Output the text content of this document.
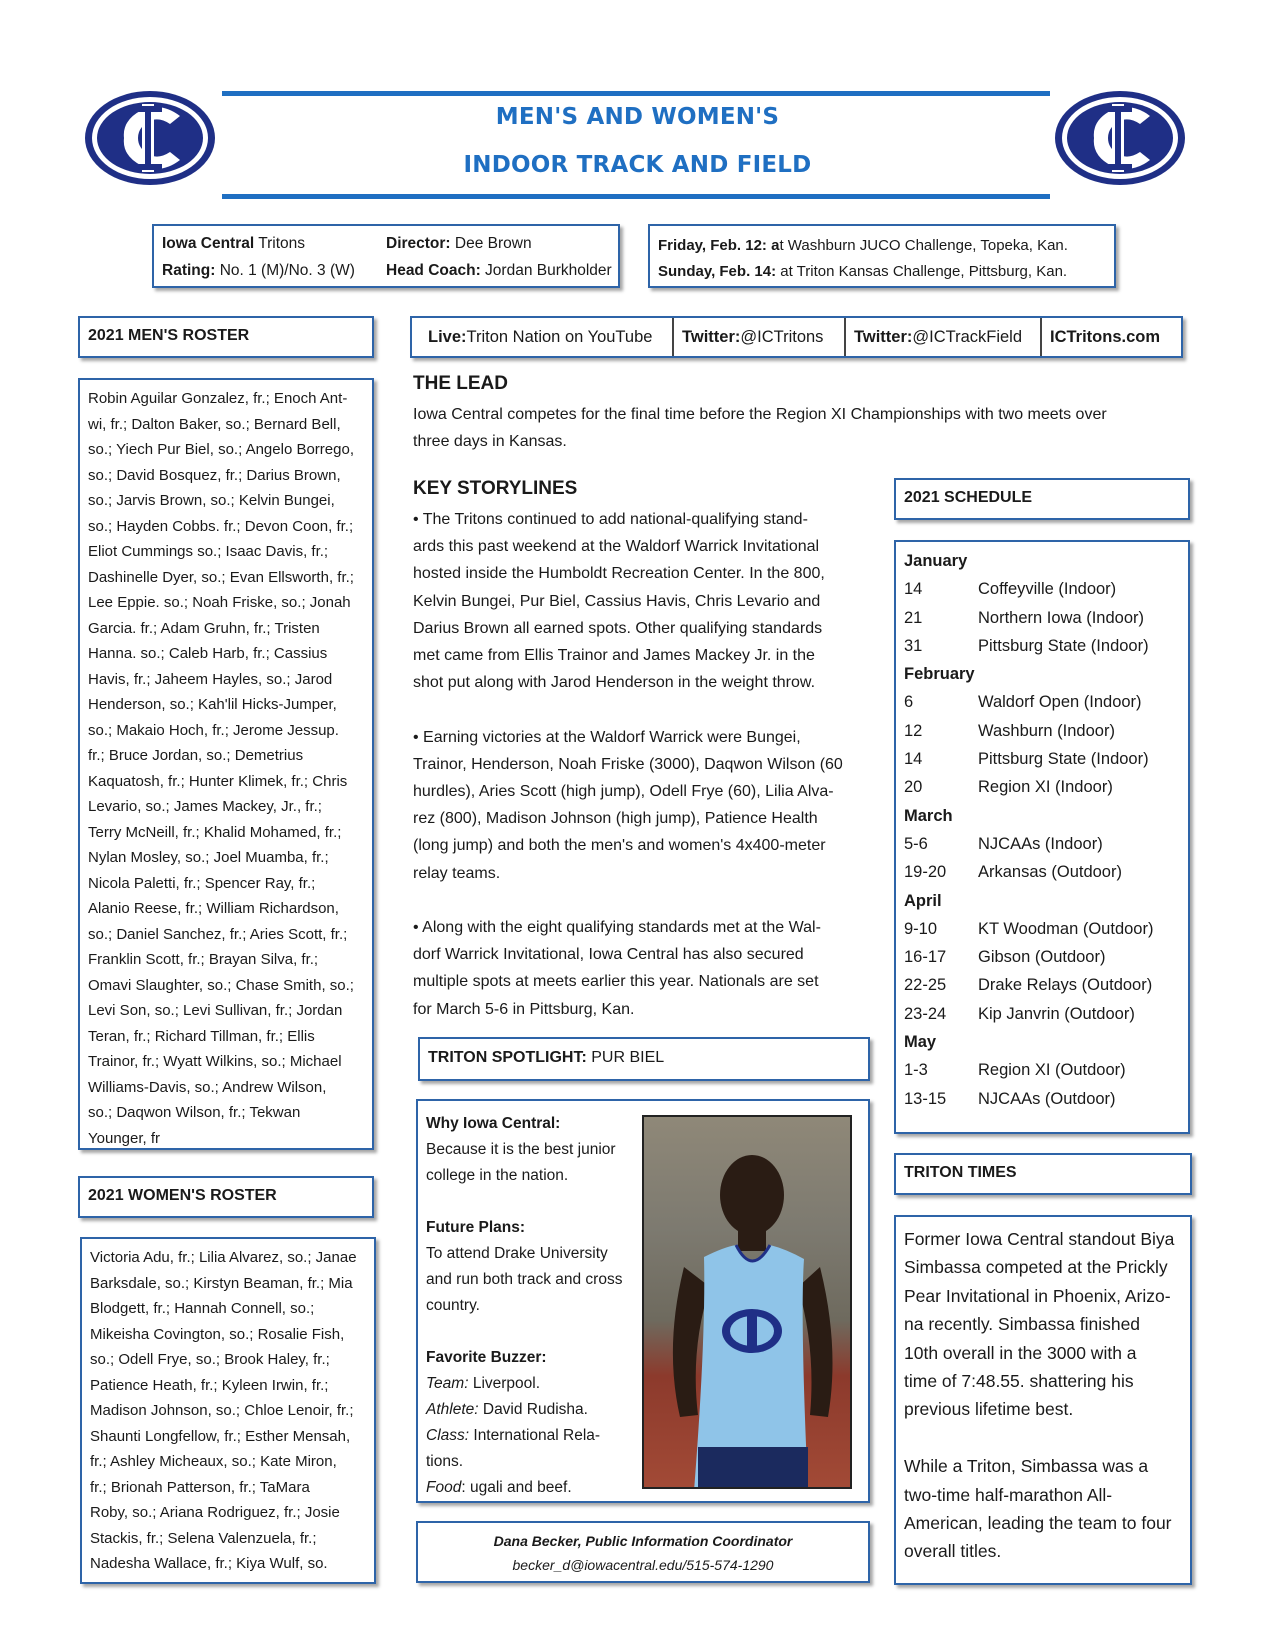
MEN'S AND WOMEN'S
INDOOR TRACK AND FIELD
Iowa Central Tritons
Rating: No. 1 (M)/No. 3 (W)
Director: Dee Brown
Head Coach: Jordan Burkholder
Friday, Feb. 12: at Washburn JUCO Challenge, Topeka, Kan.
Sunday, Feb. 14: at Triton Kansas Challenge, Pittsburg, Kan.
Live: Triton Nation on YouTube Twitter: @ICTritons Twitter: @ICTrackField ICTritons.com
2021 MEN'S ROSTER
Robin Aguilar Gonzalez, fr.; Enoch Ant-
wi, fr.; Dalton Baker, so.; Bernard Bell,
so.; Yiech Pur Biel, so.; Angelo Borrego,
so.; David Bosquez, fr.; Darius Brown,
so.; Jarvis Brown, so.; Kelvin Bungei,
so.; Hayden Cobbs. fr.; Devon Coon, fr.;
Eliot Cummings so.; Isaac Davis, fr.;
Dashinelle Dyer, so.; Evan Ellsworth, fr.;
Lee Eppie. so.; Noah Friske, so.; Jonah
Garcia. fr.; Adam Gruhn, fr.; Tristen
Hanna. so.; Caleb Harb, fr.; Cassius
Havis, fr.; Jaheem Hayles, so.; Jarod
Henderson, so.; Kah'lil Hicks-Jumper,
so.; Makaio Hoch, fr.; Jerome Jessup.
fr.; Bruce Jordan, so.; Demetrius
Kaquatosh, fr.; Hunter Klimek, fr.; Chris
Levario, so.; James Mackey, Jr., fr.;
Terry McNeill, fr.; Khalid Mohamed, fr.;
Nylan Mosley, so.; Joel Muamba, fr.;
Nicola Paletti, fr.; Spencer Ray, fr.;
Alanio Reese, fr.; William Richardson,
so.; Daniel Sanchez, fr.; Aries Scott, fr.;
Franklin Scott, fr.; Brayan Silva, fr.;
Omavi Slaughter, so.; Chase Smith, so.;
Levi Son, so.; Levi Sullivan, fr.; Jordan
Teran, fr.; Richard Tillman, fr.; Ellis
Trainor, fr.; Wyatt Wilkins, so.; Michael
Williams-Davis, so.; Andrew Wilson,
so.; Daqwon Wilson, fr.; Tekwan
Younger, fr
2021 WOMEN'S ROSTER
Victoria Adu, fr.; Lilia Alvarez, so.; Janae
Barksdale, so.; Kirstyn Beaman, fr.; Mia
Blodgett, fr.; Hannah Connell, so.;
Mikeisha Covington, so.; Rosalie Fish,
so.; Odell Frye, so.; Brook Haley, fr.;
Patience Heath, fr.; Kyleen Irwin, fr.;
Madison Johnson, so.; Chloe Lenoir, fr.;
Shaunti Longfellow, fr.; Esther Mensah,
fr.; Ashley Micheaux, so.; Kate Miron,
fr.; Brionah Patterson, fr.; TaMara
Roby, so.; Ariana Rodriguez, fr.; Josie
Stackis, fr.; Selena Valenzuela, fr.;
Nadesha Wallace, fr.; Kiya Wulf, so.
THE LEAD
Iowa Central competes for the final time before the Region XI Championships with two meets over
three days in Kansas.
KEY STORYLINES
• The Tritons continued to add national-qualifying stand-
ards this past weekend at the Waldorf Warrick Invitational
hosted inside the Humboldt Recreation Center. In the 800,
Kelvin Bungei, Pur Biel, Cassius Havis, Chris Levario and
Darius Brown all earned spots. Other qualifying standards
met came from Ellis Trainor and James Mackey Jr. in the
shot put along with Jarod Henderson in the weight throw.
• Earning victories at the Waldorf Warrick were Bungei,
Trainor, Henderson, Noah Friske (3000), Daqwon Wilson (60
hurdles), Aries Scott (high jump), Odell Frye (60), Lilia Alva-
rez (800), Madison Johnson (high jump), Patience Health
(long jump) and both the men's and women's 4x400-meter
relay teams.
• Along with the eight qualifying standards met at the Wal-
dorf Warrick Invitational, Iowa Central has also secured
multiple spots at meets earlier this year. Nationals are set
for March 5-6 in Pittsburg, Kan.
2021 SCHEDULE
January
14	Coffeyville (Indoor)
21	Northern Iowa (Indoor)
31	Pittsburg State (Indoor)
February
6	Waldorf Open (Indoor)
12	Washburn (Indoor)
14	Pittsburg State (Indoor)
20	Region XI (Indoor)
March
5-6	NJCAAs (Indoor)
19-20	Arkansas (Outdoor)
April
9-10	KT Woodman (Outdoor)
16-17	Gibson (Outdoor)
22-25	Drake Relays (Outdoor)
23-24	Kip Janvrin (Outdoor)
May
1-3	Region XI (Outdoor)
13-15	NJCAAs (Outdoor)
TRITON SPOTLIGHT: PUR BIEL
Why Iowa Central:
Because it is the best junior
college in the nation.
Future Plans:
To attend Drake University
and run both track and cross
country.
Favorite Buzzer:
Team: Liverpool.
Athlete: David Rudisha.
Class: International Rela-
tions.
Food: ugali and beef.
TRITON TIMES
Former Iowa Central standout Biya
Simbassa competed at the Prickly
Pear Invitational in Phoenix, Arizo-
na recently. Simbassa finished
10th overall in the 3000 with a
time of 7:48.55. shattering his
previous lifetime best.
While a Triton, Simbassa was a
two-time half-marathon All-
American, leading the team to four
overall titles.
Dana Becker, Public Information Coordinator
becker_d@iowacentral.edu/515-574-1290
